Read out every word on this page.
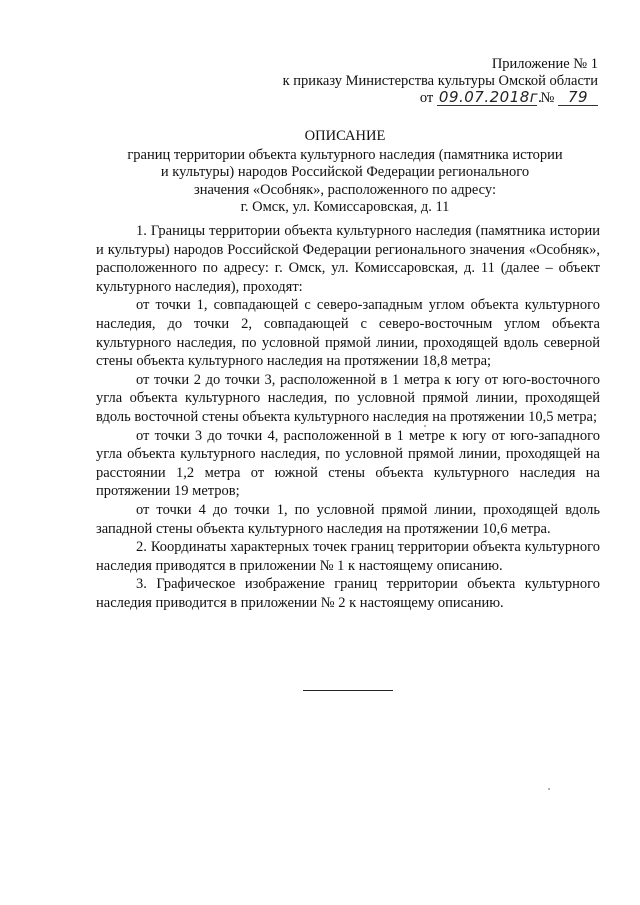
Приложение № 1
к приказу Министерства культуры Омской области
от 09.07.2018г. № 79
ОПИСАНИЕ
границ территории объекта культурного наследия (памятника истории
и культуры) народов Российской Федерации регионального
значения «Особняк», расположенного по адресу:
г. Омск, ул. Комиссаровская, д. 11

1. Границы территории объекта культурного наследия (памятника истории и культуры) народов Российской Федерации регионального значения «Особняк», расположенного по адресу: г. Омск, ул. Комиссаровская, д. 11 (далее – объект культурного наследия), проходят:

от точки 1, совпадающей с северо-западным углом объекта культурного наследия, до точки 2, совпадающей с северо-восточным углом объекта культурного наследия, по условной прямой линии, проходящей вдоль северной стены объекта культурного наследия на протяжении 18,8 метра;

от точки 2 до точки 3, расположенной в 1 метра к югу от юго-восточного угла объекта культурного наследия, по условной прямой линии, проходящей вдоль восточной стены объекта культурного наследия на протяжении 10,5 метра;

от точки 3 до точки 4, расположенной в 1 метре к югу от юго-западного угла объекта культурного наследия, по условной прямой линии, проходящей на расстоянии 1,2 метра от южной стены объекта культурного наследия на протяжении 19 метров;

от точки 4 до точки 1, по условной прямой линии, проходящей вдоль западной стены объекта культурного наследия на протяжении 10,6 метра.

2. Координаты характерных точек границ территории объекта культурного наследия приводятся в приложении № 1 к настоящему описанию.

3. Графическое изображение границ территории объекта культурного наследия приводится в приложении № 2 к настоящему описанию.
